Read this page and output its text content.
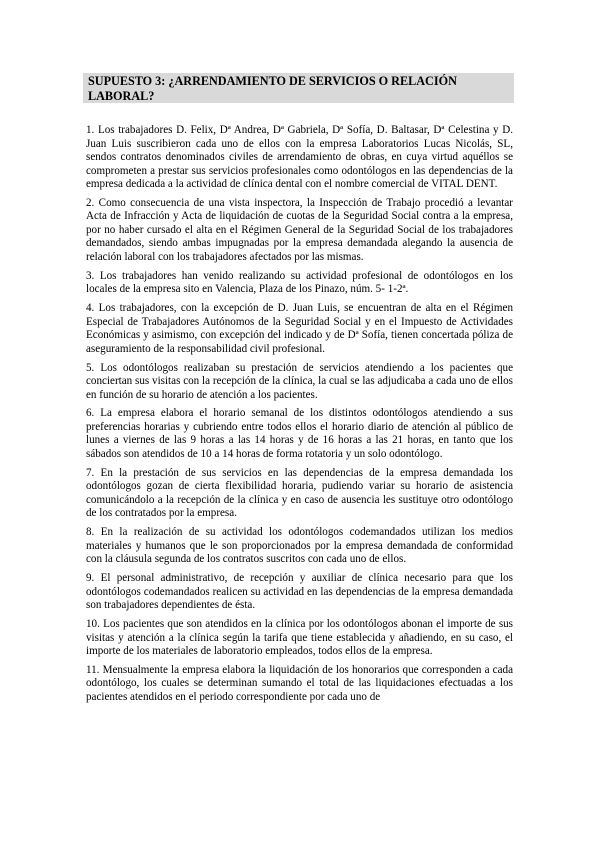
SUPUESTO 3: ¿ARRENDAMIENTO DE SERVICIOS O RELACIÓN LABORAL?

1. Los trabajadores D. Felix, Dª Andrea, Dª Gabriela, Dª Sofía, D. Baltasar, Dª Celestina y D. Juan Luis suscribieron cada uno de ellos con la empresa Laboratorios Lucas Nicolás, SL, sendos contratos denominados civiles de arrendamiento de obras, en cuya virtud aquéllos se comprometen a prestar sus servicios profesionales como odontólogos en las dependencias de la empresa dedicada a la actividad de clínica dental con el nombre comercial de VITAL DENT.

2. Como consecuencia de una vista inspectora, la Inspección de Trabajo procedió a levantar Acta de Infracción y Acta de liquidación de cuotas de la Seguridad Social contra a la empresa, por no haber cursado el alta en el Régimen General de la Seguridad Social de los trabajadores demandados, siendo ambas impugnadas por la empresa demandada alegando la ausencia de relación laboral con los trabajadores afectados por las mismas.

3. Los trabajadores han venido realizando su actividad profesional de odontólogos en los locales de la empresa sito en Valencia, Plaza de los Pinazo, núm. 5- 1-2ª.

4. Los trabajadores, con la excepción de D. Juan Luis, se encuentran de alta en el Régimen Especial de Trabajadores Autónomos de la Seguridad Social y en el Impuesto de Actividades Económicas y asimismo, con excepción del indicado y de Dª Sofía, tienen concertada póliza de aseguramiento de la responsabilidad civil profesional.

5. Los odontólogos realizaban su prestación de servicios atendiendo a los pacientes que conciertan sus visitas con la recepción de la clínica, la cual se las adjudicaba a cada uno de ellos en función de su horario de atención a los pacientes.

6. La empresa elabora el horario semanal de los distintos odontólogos atendiendo a sus preferencias horarias y cubriendo entre todos ellos el horario diario de atención al público de lunes a viernes de las 9 horas a las 14 horas y de 16 horas a las 21 horas, en tanto que los sábados son atendidos de 10 a 14 horas de forma rotatoria y un solo odontólogo.

7. En la prestación de sus servicios en las dependencias de la empresa demandada los odontólogos gozan de cierta flexibilidad horaria, pudiendo variar su horario de asistencia comunicándolo a la recepción de la clínica y en caso de ausencia les sustituye otro odontólogo de los contratados por la empresa.

8. En la realización de su actividad los odontólogos codemandados utilizan los medios materiales y humanos que le son proporcionados por la empresa demandada de conformidad con la cláusula segunda de los contratos suscritos con cada uno de ellos.

9. El personal administrativo, de recepción y auxiliar de clínica necesario para que los odontólogos codemandados realicen su actividad en las dependencias de la empresa demandada son trabajadores dependientes de ésta.

10. Los pacientes que son atendidos en la clínica por los odontólogos abonan el importe de sus visitas y atención a la clínica según la tarifa que tiene establecida y añadiendo, en su caso, el importe de los materiales de laboratorio empleados, todos ellos de la empresa.

11. Mensualmente la empresa elabora la liquidación de los honorarios que corresponden a cada odontólogo, los cuales se determinan sumando el total de las liquidaciones efectuadas a los pacientes atendidos en el periodo correspondiente por cada uno de
